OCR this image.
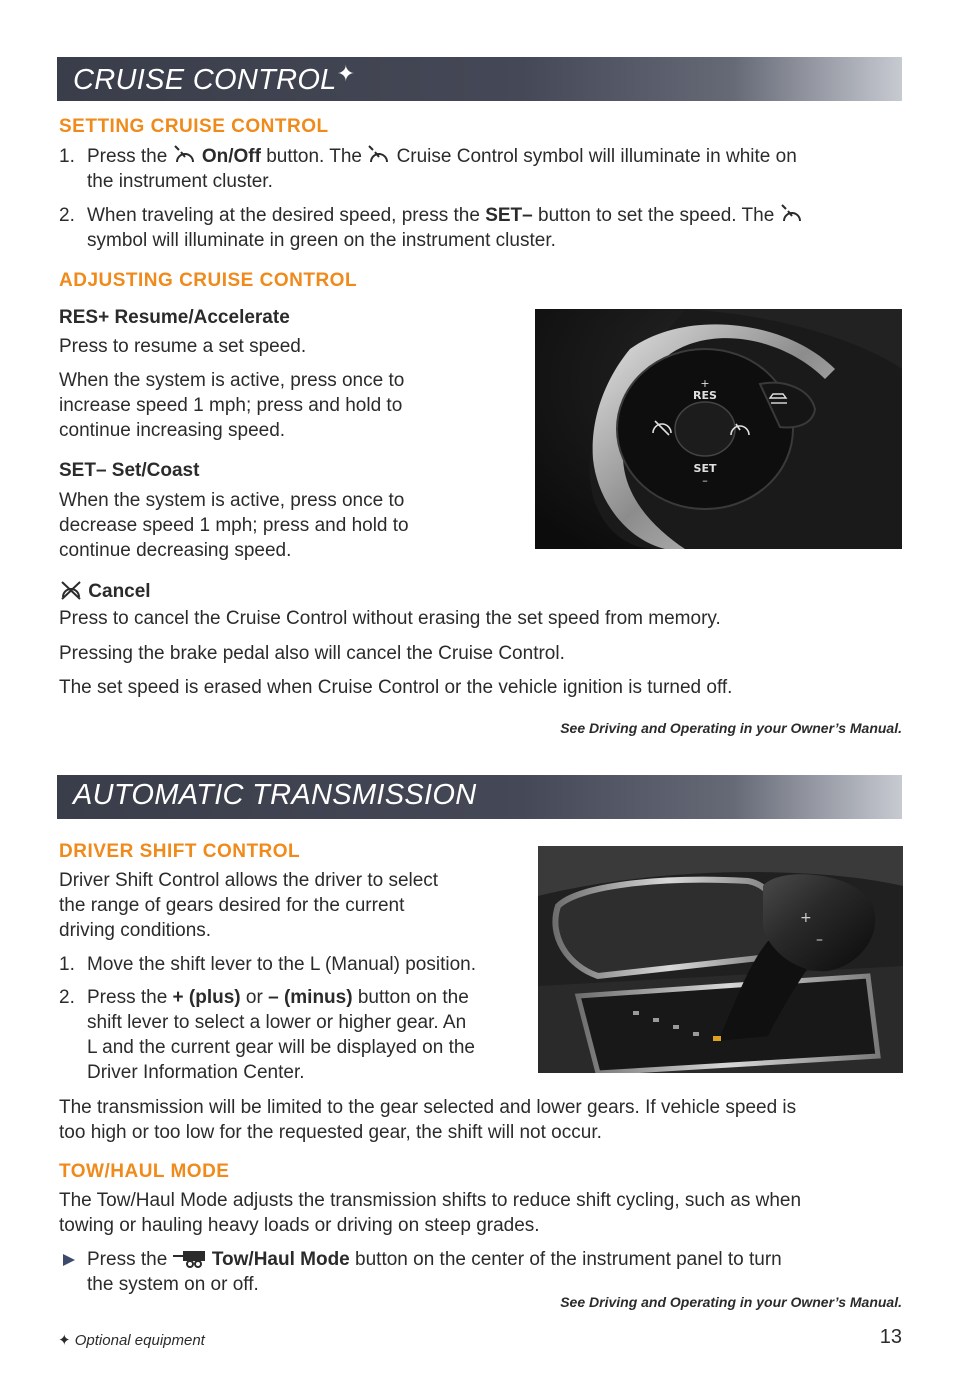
CRUISE CONTROL✦
SETTING CRUISE CONTROL
1. Press the On/Off button. The Cruise Control symbol will illuminate in white on
the instrument cluster.
2. When traveling at the desired speed, press the SET– button to set the speed. The
symbol will illuminate in green on the instrument cluster.
ADJUSTING CRUISE CONTROL
RES+ Resume/Accelerate
Press to resume a set speed.
When the system is active, press once to
increase speed 1 mph; press and hold to
continue increasing speed.
SET– Set/Coast
When the system is active, press once to
decrease speed 1 mph; press and hold to
continue decreasing speed.
+
RES
SET
–
Cancel
Press to cancel the Cruise Control without erasing the set speed from memory.
Pressing the brake pedal also will cancel the Cruise Control.
The set speed is erased when Cruise Control or the vehicle ignition is turned off.
See Driving and Operating in your Owner’s Manual.
AUTOMATIC TRANSMISSION
DRIVER SHIFT CONTROL
Driver Shift Control allows the driver to select
the range of gears desired for the current
driving conditions.
1. Move the shift lever to the L (Manual) position.
2. Press the + (plus) or – (minus) button on the
shift lever to select a lower or higher gear. An
L and the current gear will be displayed on the
Driver Information Center.
+
–
The transmission will be limited to the gear selected and lower gears. If vehicle speed is
too high or too low for the requested gear, the shift will not occur.
TOW/HAUL MODE
The Tow/Haul Mode adjusts the transmission shifts to reduce shift cycling, such as when
towing or hauling heavy loads or driving on steep grades.
Press the Tow/Haul Mode button on the center of the instrument panel to turn
the system on or off.
See Driving and Operating in your Owner’s Manual.
✦ Optional equipment	13
